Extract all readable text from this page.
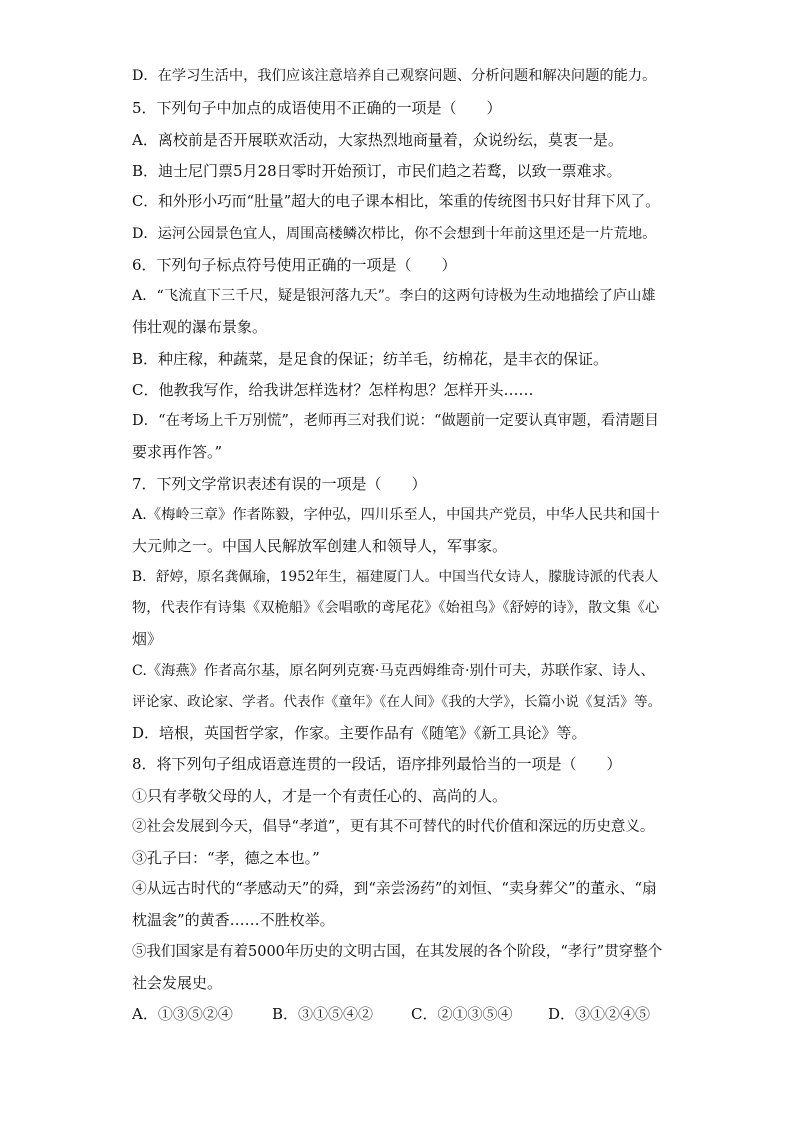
D．在学习生活中，我们应该注意培养自己观察问题、分析问题和解决问题的能力。

5．下列句子中加点的成语使用不正确的一项是（　　）

A．离校前是否开展联欢活动，大家热烈地商量着，众说纷纭，莫衷一是。

B．迪士尼门票5月28日零时开始预订，市民们趋之若鹜，以致一票难求。

C．和外形小巧而“肚量”超大的电子课本相比，笨重的传统图书只好甘拜下风了。

D．运河公园景色宜人，周围高楼鳞次栉比，你不会想到十年前这里还是一片荒地。

6．下列句子标点符号使用正确的一项是（　　）

A．“飞流直下三千尺，疑是银河落九天”。李白的这两句诗极为生动地描绘了庐山雄

伟壮观的瀑布景象。

B．种庄稼，种蔬菜，是足食的保证；纺羊毛，纺棉花，是丰衣的保证。

C．他教我写作，给我讲怎样选材？怎样构思？怎样开头……

D．“在考场上千万别慌”，老师再三对我们说：“做题前一定要认真审题，看清题目

要求再作答。”

7．下列文学常识表述有误的一项是（　　）

A.《梅岭三章》作者陈毅，字仲弘，四川乐至人，中国共产党员，中华人民共和国十

大元帅之一。中国人民解放军创建人和领导人，军事家。

B．舒婷，原名龚佩瑜，1952年生，福建厦门人。中国当代女诗人，朦胧诗派的代表人

物，代表作有诗集《双桅船》《会唱歌的鸢尾花》《始祖鸟》《舒婷的诗》，散文集《心

烟》

C.《海燕》作者高尔基，原名阿列克赛·马克西姆维奇·别什可夫，苏联作家、诗人、

评论家、政论家、学者。代表作《童年》《在人间》《我的大学》，长篇小说《复活》等。

D．培根，英国哲学家，作家。主要作品有《随笔》《新工具论》等。

8．将下列句子组成语意连贯的一段话，语序排列最恰当的一项是（　　）

①只有孝敬父母的人，才是一个有责任心的、高尚的人。

②社会发展到今天，倡导“孝道”，更有其不可替代的时代价值和深远的历史意义。

③孔子曰：“孝，德之本也。”

④从远古时代的“孝感动天”的舜，到“亲尝汤药”的刘恒、“卖身葬父”的董永、“扇

枕温衾”的黄香……不胜枚举。

⑤我们国家是有着5000年历史的文明古国，在其发展的各个阶段，“孝行”贯穿整个

社会发展史。

A．①③⑤②④	B．③①⑤④②	C．②①③⑤④	D．③①②④⑤
